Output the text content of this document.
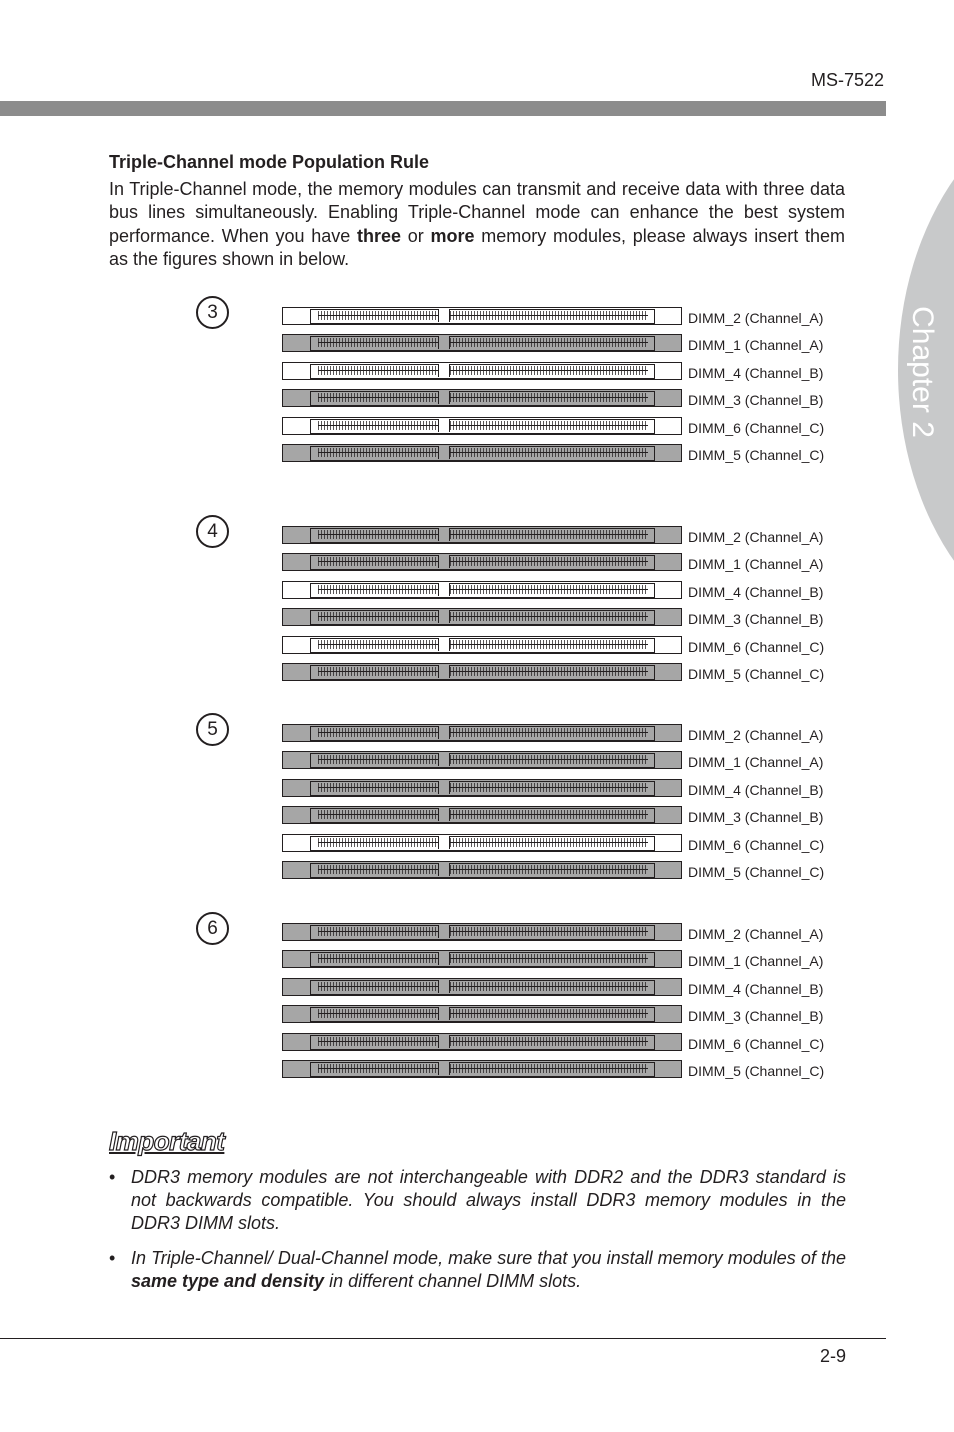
MS-7522
Chapter 2
Triple-Channel mode Population Rule

In Triple-Channel mode, the memory modules can transmit and receive data with three data bus lines simultaneously. Enabling Triple-Channel mode can enhance the best system performance. When you have three or more memory modules, please always insert them as the figures shown in below.

3	DIMM_2 (Channel_A)
DIMM_1 (Channel_A)
DIMM_4 (Channel_B)
DIMM_3 (Channel_B)
DIMM_6 (Channel_C)
DIMM_5 (Channel_C)
4	DIMM_2 (Channel_A)
DIMM_1 (Channel_A)
DIMM_4 (Channel_B)
DIMM_3 (Channel_B)
DIMM_6 (Channel_C)
DIMM_5 (Channel_C)
5	DIMM_2 (Channel_A)
DIMM_1 (Channel_A)
DIMM_4 (Channel_B)
DIMM_3 (Channel_B)
DIMM_6 (Channel_C)
DIMM_5 (Channel_C)
6	DIMM_2 (Channel_A)
DIMM_1 (Channel_A)
DIMM_4 (Channel_B)
DIMM_3 (Channel_B)
DIMM_6 (Channel_C)
DIMM_5 (Channel_C)
Important
• DDR3 memory modules are not interchangeable with DDR2 and the DDR3 standard is not backwards compatible. You should always install DDR3 memory modules in the DDR3 DIMM slots.
• In Triple-Channel/ Dual-Channel mode, make sure that you install memory modules of the same type and density in different channel DIMM slots.
2-9
